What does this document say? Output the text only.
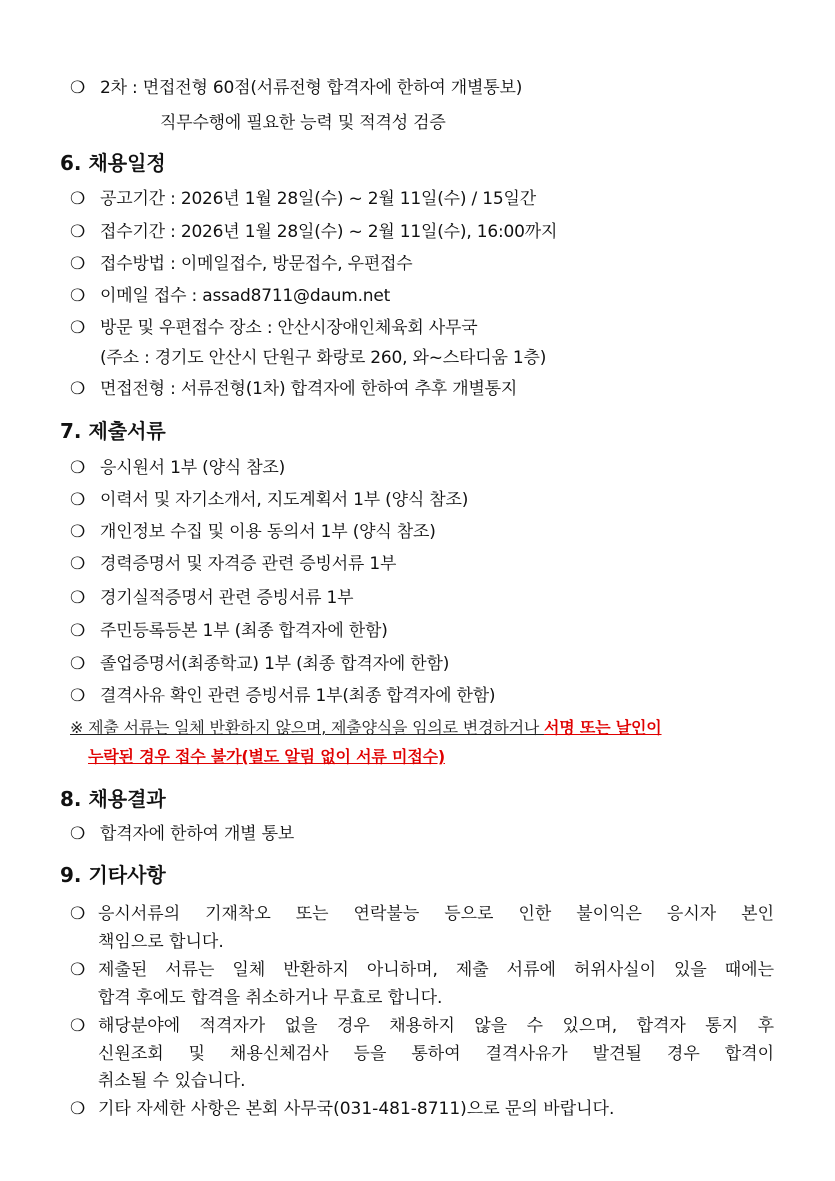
❍ 2차 : 면접전형 60점(서류전형 합격자에 한하여 개별통보)
직무수행에 필요한 능력 및 적격성 검증
6. 채용일정
❍ 공고기간 : 2026년 1월 28일(수) ~ 2월 11일(수) / 15일간
❍ 접수기간 : 2026년 1월 28일(수) ~ 2월 11일(수), 16:00까지
❍ 접수방법 : 이메일접수, 방문접수, 우편접수
❍ 이메일 접수 : assad8711@daum.net
❍ 방문 및 우편접수 장소 : 안산시장애인체육회 사무국
(주소 : 경기도 안산시 단원구 화랑로 260, 와~스타디움 1층)
❍ 면접전형 : 서류전형(1차) 합격자에 한하여 추후 개별통지
7. 제출서류
❍ 응시원서 1부 (양식 참조)
❍ 이력서 및 자기소개서, 지도계획서 1부 (양식 참조)
❍ 개인정보 수집 및 이용 동의서 1부 (양식 참조)
❍ 경력증명서 및 자격증 관련 증빙서류 1부
❍ 경기실적증명서 관련 증빙서류 1부
❍ 주민등록등본 1부 (최종 합격자에 한함)
❍ 졸업증명서(최종학교) 1부 (최종 합격자에 한함)
❍ 결격사유 확인 관련 증빙서류 1부(최종 합격자에 한함)
※ 제출 서류는 일체 반환하지 않으며, 제출양식을 임의로 변경하거나 서명 또는 날인이
누락된 경우 접수 불가(별도 알림 없이 서류 미접수)
8. 채용결과
❍ 합격자에 한하여 개별 통보
9. 기타사항
❍ 응시서류의 기재착오 또는 연락불능 등으로 인한 불이익은 응시자 본인
책임으로 합니다.
❍ 제출된 서류는 일체 반환하지 아니하며, 제출 서류에 허위사실이 있을 때에는
합격 후에도 합격을 취소하거나 무효로 합니다.
❍ 해당분야에 적격자가 없을 경우 채용하지 않을 수 있으며, 합격자 통지 후
신원조회 및 채용신체검사 등을 통하여 결격사유가 발견될 경우 합격이
취소될 수 있습니다.
❍ 기타 자세한 사항은 본회 사무국(031-481-8711)으로 문의 바랍니다.
